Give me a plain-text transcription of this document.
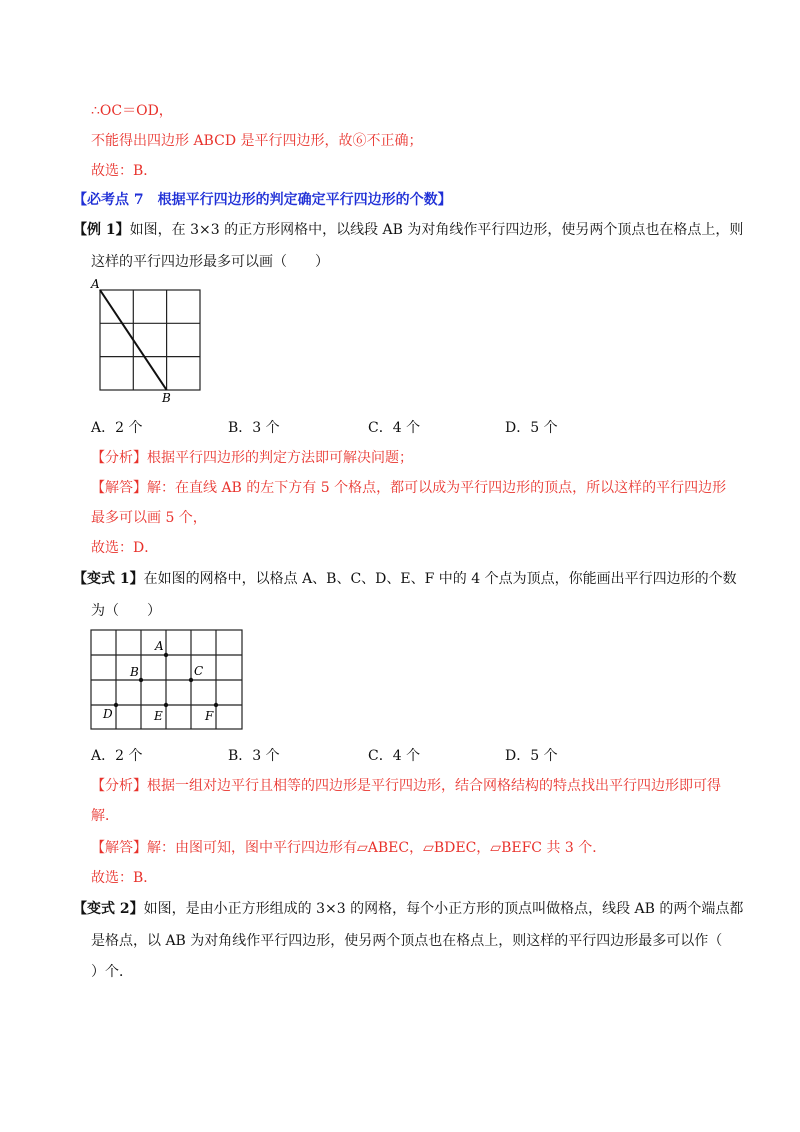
∴OC＝OD，
不能得出四边形 ABCD 是平行四边形，故⑥不正确；
故选：B．
【必考点 7　根据平行四边形的判定确定平行四边形的个数】
【例 1】如图，在 3×3 的正方形网格中，以线段 AB 为对角线作平行四边形，使另两个顶点也在格点上，则
这样的平行四边形最多可以画（　　）
A
B
A．2 个	B．3 个	C．4 个	D．5 个
【分析】根据平行四边形的判定方法即可解决问题；
【解答】解：在直线 AB 的左下方有 5 个格点，都可以成为平行四边形的顶点，所以这样的平行四边形
最多可以画 5 个，
故选：D．
【变式 1】在如图的网格中，以格点 A、B、C、D、E、F 中的 4 个点为顶点，你能画出平行四边形的个数
为（　　）
A
B	C
D	E	F
A．2 个	B．3 个	C．4 个	D．5 个
【分析】根据一组对边平行且相等的四边形是平行四边形，结合网格结构的特点找出平行四边形即可得
解．
【解答】解：由图可知，图中平行四边形有▱ABEC，▱BDEC，▱BEFC 共 3 个．
故选：B．
【变式 2】如图，是由小正方形组成的 3×3 的网格，每个小正方形的顶点叫做格点，线段 AB 的两个端点都
是格点，以 AB 为对角线作平行四边形，使另两个顶点也在格点上，则这样的平行四边形最多可以作（
）个．
